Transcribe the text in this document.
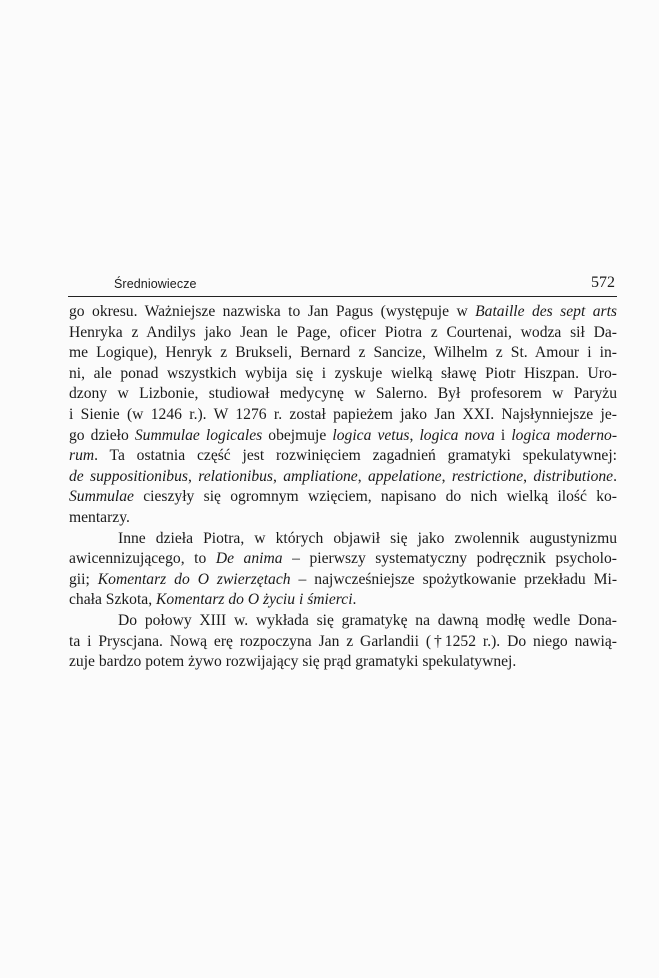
Średniowiecze	572
go okresu. Ważniejsze nazwiska to Jan Pagus (występuje w Bataille des sept arts
Henryka z Andilys jako Jean le Page, oficer Piotra z Courtenai, wodza sił Da-
me Logique), Henryk z Brukseli, Bernard z Sancize, Wilhelm z St. Amour i in-
ni, ale ponad wszystkich wybija się i zyskuje wielką sławę Piotr Hiszpan. Uro-
dzony w Lizbonie, studiował medycynę w Salerno. Był profesorem w Paryżu
i Sienie (w 1246 r.). W 1276 r. został papieżem jako Jan XXI. Najsłynniejsze je-
go dzieło Summulae logicales obejmuje logica vetus, logica nova i logica moderno-
rum. Ta ostatnia część jest rozwinięciem zagadnień gramatyki spekulatywnej:
de suppositionibus, relationibus, ampliatione, appelatione, restrictione, distributione.
Summulae cieszyły się ogromnym wzięciem, napisano do nich wielką ilość ko-
mentarzy.
Inne dzieła Piotra, w których objawił się jako zwolennik augustynizmu
awicennizującego, to De anima – pierwszy systematyczny podręcznik psycholo-
gii; Komentarz do O zwierzętach – najwcześniejsze spożytkowanie przekładu Mi-
chała Szkota, Komentarz do O życiu i śmierci.
Do połowy XIII w. wykłada się gramatykę na dawną modłę wedle Dona-
ta i Pryscjana. Nową erę rozpoczyna Jan z Garlandii (†1252 r.). Do niego nawią-
zuje bardzo potem żywo rozwijający się prąd gramatyki spekulatywnej.
